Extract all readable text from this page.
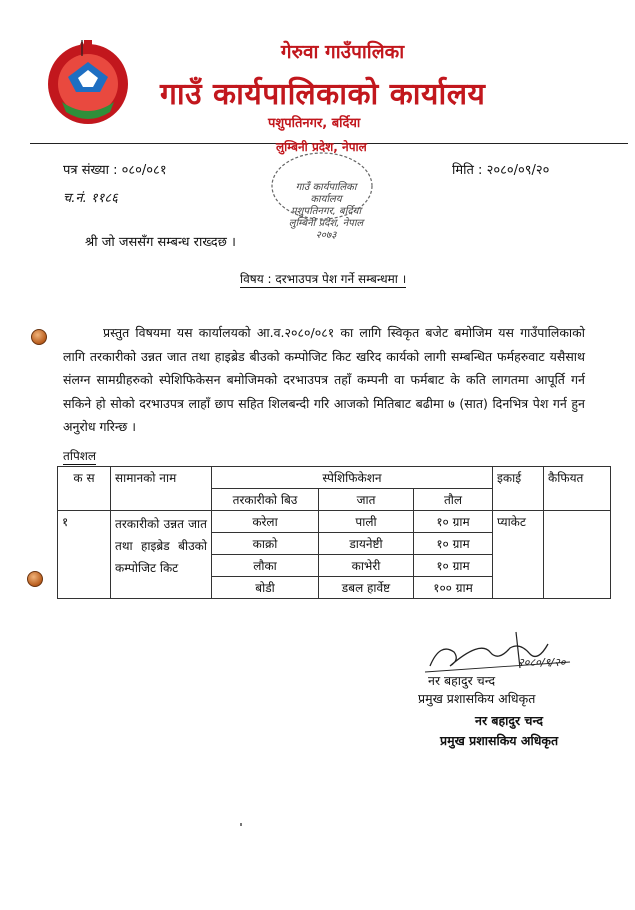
गेरुवा गाउँपालिका
गाउँ कार्यपालिकाको कार्यालय
पशुपतिनगर, बर्दिया
लुम्बिनी प्रदेश, नेपाल
गाउँ कार्यपालिका
कार्यालय
पशुपतिनगर, बर्दिया
लुम्बिनी प्रदेश, नेपाल
२०७३
पत्र संख्या : ०८०/०८१	मिति : २०८०/०९/२०
च.नं. ११८६
श्री जो जससँग सम्बन्ध राख्दछ ।
विषय : दरभाउपत्र पेश गर्ने सम्बन्धमा ।
प्रस्तुत विषयमा यस कार्यालयको आ.व.२०८०/०८१ का लागि स्विकृत बजेट बमोजिम यस गाउँपालिकाको लागि तरकारीको उन्नत जात तथा हाइब्रेड बीउको कम्पोजिट किट खरिद कार्यको लागी सम्बन्धित फर्महरुवाट यसैसाथ संलग्न सामग्रीहरुको स्पेशिफिकेसन बमोजिमको दरभाउपत्र तहाँ कम्पनी वा फर्मबाट के कति लागतमा आपूर्ति गर्न सकिने हो सोको दरभाउपत्र लाहाँ छाप सहित शिलबन्दी गरि आजको मितिबाट बढीमा ७ (सात) दिनभित्र पेश गर्न हुन अनुरोध गरिन्छ ।
तपिशल
क स	सामानको नाम	स्पेशिफिकेशन			इकाई	कैफियत
		तरकारीको बिउ	जात	तौल		
१	तरकारीको उन्नत जात तथा हाइब्रेड बीउको कम्पोजिट किट	करेला	पाली	१० ग्राम	प्याकेट	
		काक्रो	डायनेष्टी	१० ग्राम		
		लौका	काभेरी	१० ग्राम		
		बोडी	डबल हार्वेष्ट	१०० ग्राम		
२०८०/९/२०
नर बहादुर चन्द
प्रमुख प्रशासकिय अधिकृत
नर बहादुर चन्द
प्रमुख प्रशासकिय अधिकृत
